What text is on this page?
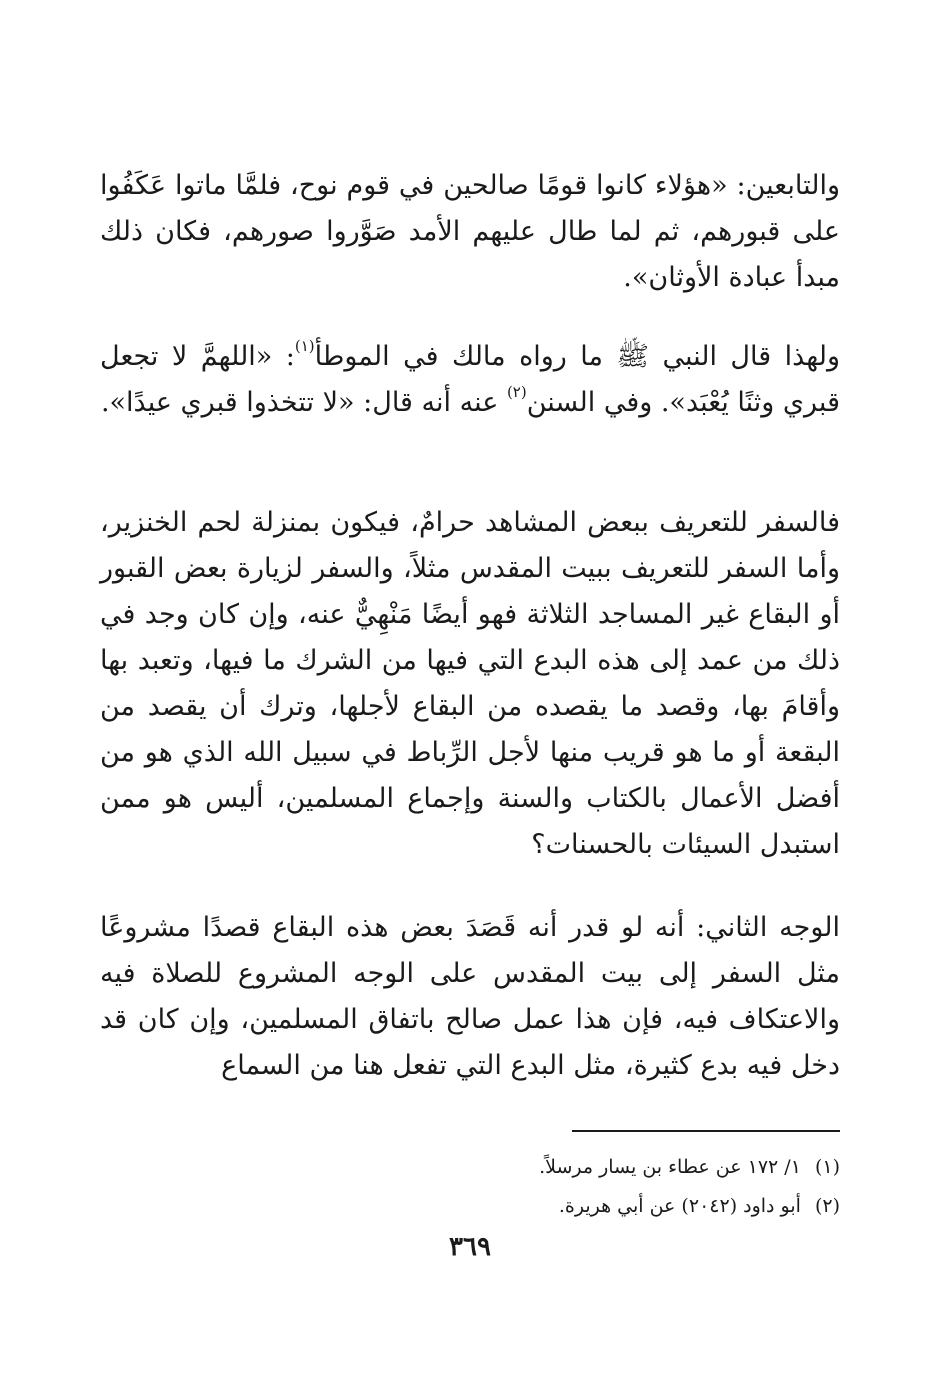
والتابعين: «هؤلاء كانوا قومًا صالحين في قوم نوح، فلمَّا ماتوا عَكَفُوا على قبورهم، ثم لما طال عليهم الأمد صَوَّروا صورهم، فكان ذلك مبدأ عبادة الأوثان».

ولهذا قال النبي ﷺ ما رواه مالك في الموطأ$^{(١)}$: «اللهمَّ لا تجعل قبري وثنًا يُعْبَد». وفي السنن$^{(٢)}$ عنه أنه قال: «لا تتخذوا قبري عيدًا».

فالسفر للتعريف ببعض المشاهد حرامٌ، فيكون بمنزلة لحم الخنزير، وأما السفر للتعريف ببيت المقدس مثلاً، والسفر لزيارة بعض القبور أو البقاع غير المساجد الثلاثة فهو أيضًا مَنْهِيٌّ عنه، وإن كان وجد في ذلك من عمد إلى هذه البدع التي فيها من الشرك ما فيها، وتعبد بها وأقامَ بها، وقصد ما يقصده من البقاع لأجلها، وترك أن يقصد من البقعة أو ما هو قريب منها لأجل الرِّباط في سبيل الله الذي هو من أفضل الأعمال بالكتاب والسنة وإجماع المسلمين، أليس هو ممن استبدل السيئات بالحسنات؟

الوجه الثاني: أنه لو قدر أنه قَصَدَ بعض هذه البقاع قصدًا مشروعًا مثل السفر إلى بيت المقدس على الوجه المشروع للصلاة فيه والاعتكاف فيه، فإن هذا عمل صالح باتفاق المسلمين، وإن كان قد دخل فيه بدع كثيرة، مثل البدع التي تفعل هنا من السماع

(١)١/ ١٧٢ عن عطاء بن يسار مرسلاً.

(٢)أبو داود (٢٠٤٢) عن أبي هريرة.

٣٦٩
